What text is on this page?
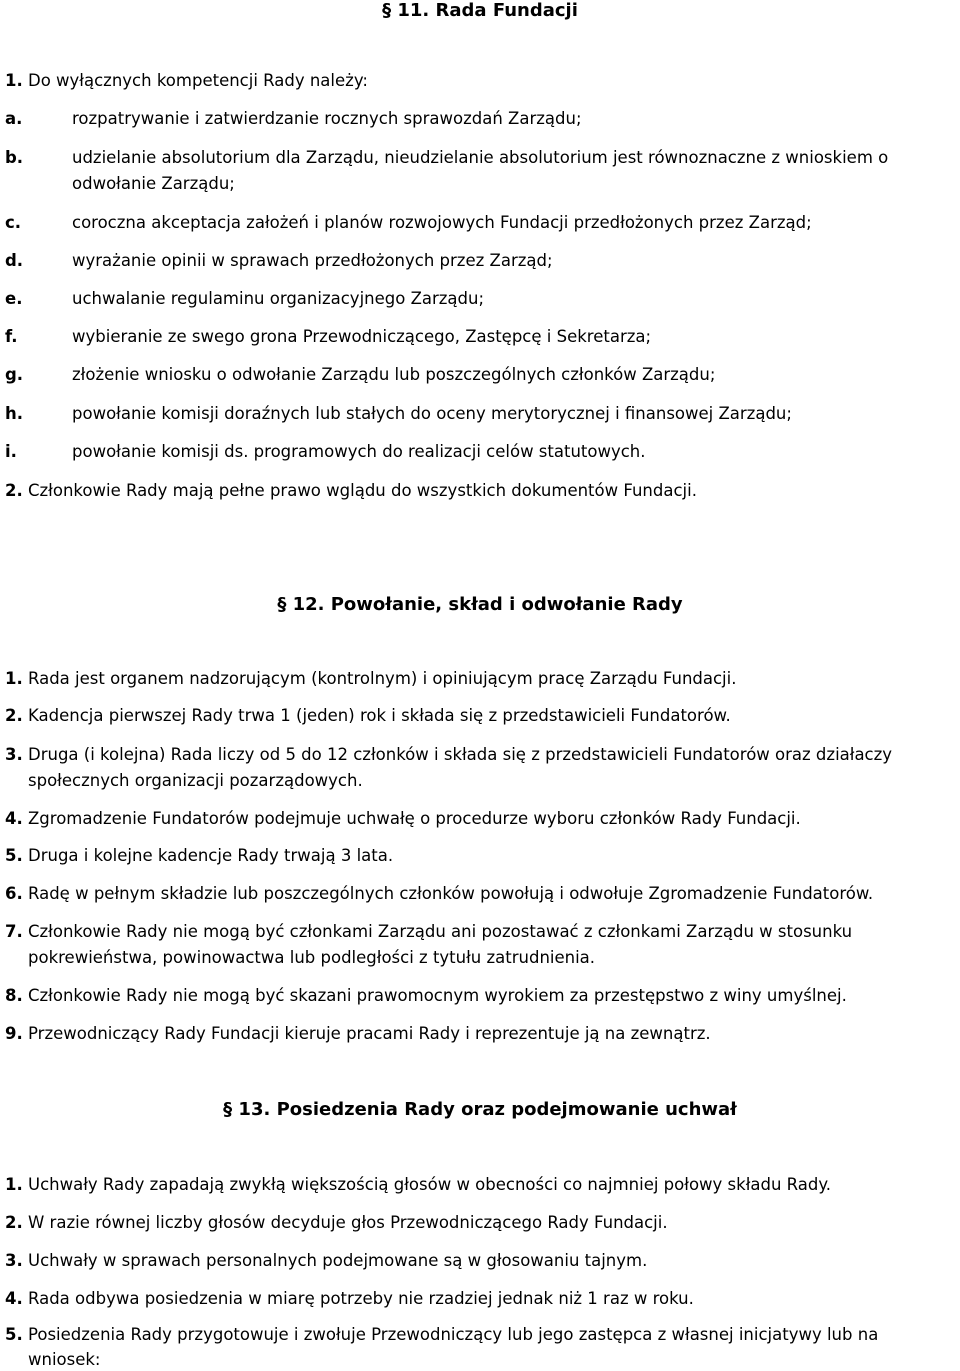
§ 11. Rada Fundacji
1. Do wyłącznych kompetencji Rady należy:
a.	rozpatrywanie i zatwierdzanie rocznych sprawozdań Zarządu;
b.	udzielanie absolutorium dla Zarządu, nieudzielanie absolutorium jest równoznaczne z wnioskiem o
odwołanie Zarządu;
c.	coroczna akceptacja założeń i planów rozwojowych Fundacji przedłożonych przez Zarząd;
d.	wyrażanie opinii w sprawach przedłożonych przez Zarząd;
e.	uchwalanie regulaminu organizacyjnego Zarządu;
f.	wybieranie ze swego grona Przewodniczącego, Zastępcę i Sekretarza;
g.	złożenie wniosku o odwołanie Zarządu lub poszczególnych członków Zarządu;
h.	powołanie komisji doraźnych lub stałych do oceny merytorycznej i finansowej Zarządu;
i.	powołanie komisji ds. programowych do realizacji celów statutowych.
2. Członkowie Rady mają pełne prawo wglądu do wszystkich dokumentów Fundacji.
§ 12. Powołanie, skład i odwołanie Rady
1. Rada jest organem nadzorującym (kontrolnym) i opiniującym pracę Zarządu Fundacji.
2. Kadencja pierwszej Rady trwa 1 (jeden) rok i składa się z przedstawicieli Fundatorów.
3. Druga (i kolejna) Rada liczy od 5 do 12 członków i składa się z przedstawicieli Fundatorów oraz działaczy
społecznych organizacji pozarządowych.
4. Zgromadzenie Fundatorów podejmuje uchwałę o procedurze wyboru członków Rady Fundacji.
5. Druga i kolejne kadencje Rady trwają 3 lata.
6. Radę w pełnym składzie lub poszczególnych członków powołują i odwołuje Zgromadzenie Fundatorów.
7. Członkowie Rady nie mogą być członkami Zarządu ani pozostawać z członkami Zarządu w stosunku
pokrewieństwa, powinowactwa lub podległości z tytułu zatrudnienia.
8. Członkowie Rady nie mogą być skazani prawomocnym wyrokiem za przestępstwo z winy umyślnej.
9. Przewodniczący Rady Fundacji kieruje pracami Rady i reprezentuje ją na zewnątrz.
§ 13. Posiedzenia Rady oraz podejmowanie uchwał
1. Uchwały Rady zapadają zwykłą większością głosów w obecności co najmniej połowy składu Rady.
2. W razie równej liczby głosów decyduje głos Przewodniczącego Rady Fundacji.
3. Uchwały w sprawach personalnych podejmowane są w głosowaniu tajnym.
4. Rada odbywa posiedzenia w miarę potrzeby nie rzadziej jednak niż 1 raz w roku.
5. Posiedzenia Rady przygotowuje i zwołuje Przewodniczący lub jego zastępca z własnej inicjatywy lub na
wniosek:
